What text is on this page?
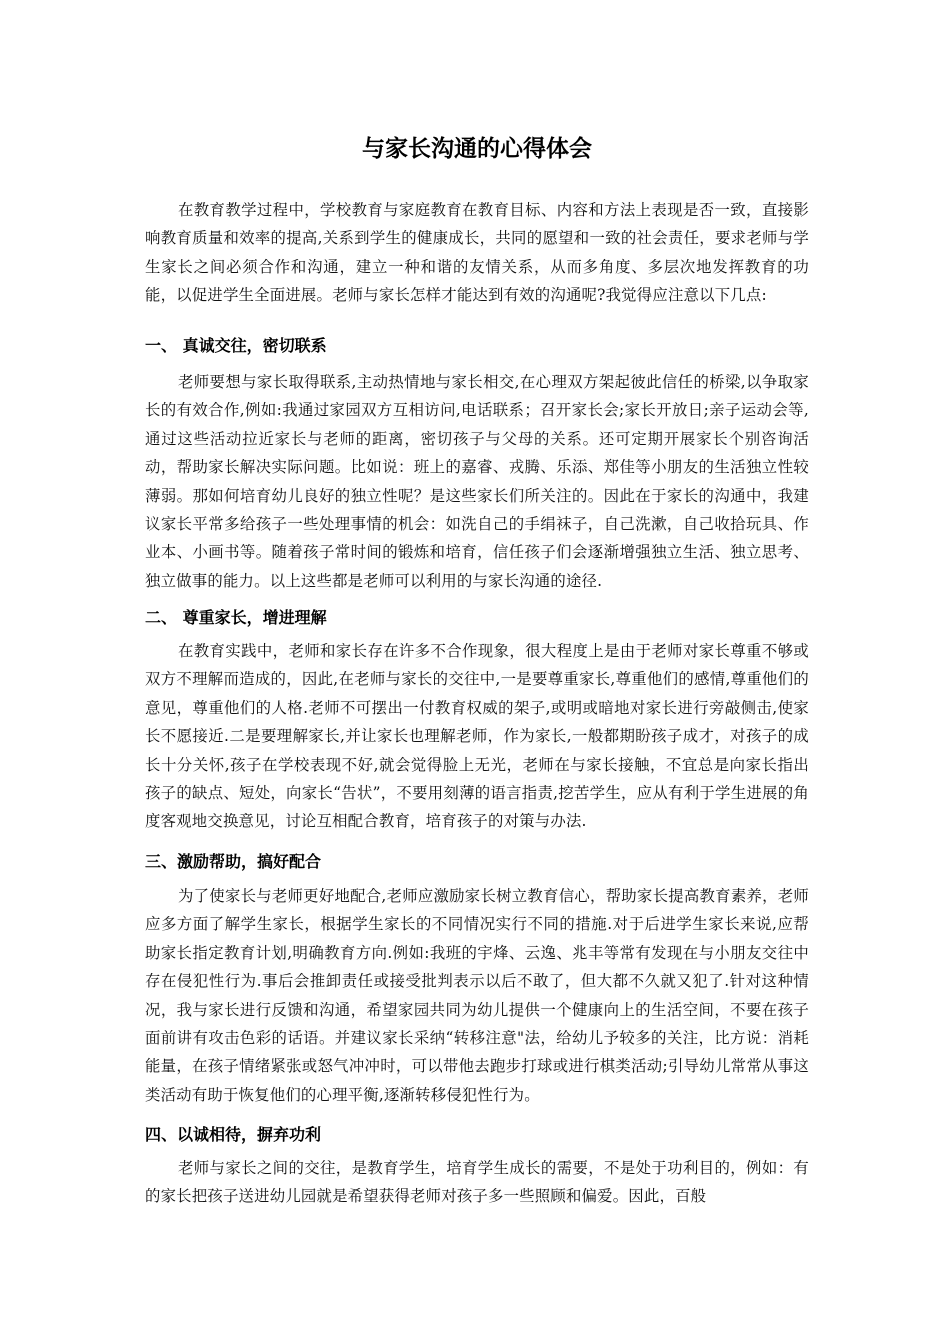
与家长沟通的心得体会

在教育教学过程中，学校教育与家庭教育在教育目标、内容和方法上表现是否一致，直接影响教育质量和效率的提高,关系到学生的健康成长，共同的愿望和一致的社会责任，要求老师与学生家长之间必须合作和沟通，建立一种和谐的友情关系，从而多角度、多层次地发挥教育的功能，以促进学生全面进展。老师与家长怎样才能达到有效的沟通呢?我觉得应注意以下几点:

一、 真诚交往，密切联系

老师要想与家长取得联系,主动热情地与家长相交,在心理双方架起彼此信任的桥梁,以争取家长的有效合作,例如:我通过家园双方互相访问,电话联系；召开家长会;家长开放日;亲子运动会等,通过这些活动拉近家长与老师的距离，密切孩子与父母的关系。还可定期开展家长个别咨询活动，帮助家长解决实际问题。比如说：班上的嘉睿、戎腾、乐添、郑佳等小朋友的生活独立性较薄弱。那如何培育幼儿良好的独立性呢？是这些家长们所关注的。因此在于家长的沟通中，我建议家长平常多给孩子一些处理事情的机会：如洗自己的手绢袜子，自己洗漱，自己收拾玩具、作业本、小画书等。随着孩子常时间的锻炼和培育，信任孩子们会逐渐增强独立生活、独立思考、独立做事的能力。以上这些都是老师可以利用的与家长沟通的途径.

二、 尊重家长，增进理解

在教育实践中，老师和家长存在许多不合作现象，很大程度上是由于老师对家长尊重不够或双方不理解而造成的，因此,在老师与家长的交往中,一是要尊重家长,尊重他们的感情,尊重他们的意见，尊重他们的人格.老师不可摆出一付教育权威的架子,或明或暗地对家长进行旁敲侧击,使家长不愿接近.二是要理解家长,并让家长也理解老师，作为家长,一般都期盼孩子成才，对孩子的成长十分关怀,孩子在学校表现不好,就会觉得脸上无光，老师在与家长接触，不宜总是向家长指出孩子的缺点、短处，向家长“告状”，不要用刻薄的语言指责,挖苦学生，应从有利于学生进展的角度客观地交换意见，讨论互相配合教育，培育孩子的对策与办法.

三、激励帮助，搞好配合

为了使家长与老师更好地配合,老师应激励家长树立教育信心，帮助家长提高教育素养，老师应多方面了解学生家长，根据学生家长的不同情况实行不同的措施.对于后进学生家长来说,应帮助家长指定教育计划,明确教育方向.例如:我班的宇烽、云逸、兆丰等常有发现在与小朋友交往中存在侵犯性行为.事后会推卸责任或接受批判表示以后不敢了，但大都不久就又犯了.针对这种情况，我与家长进行反馈和沟通，希望家园共同为幼儿提供一个健康向上的生活空间，不要在孩子面前讲有攻击色彩的话语。并建议家长采纳“转移注意"法，给幼儿予较多的关注，比方说：消耗能量，在孩子情绪紧张或怒气冲冲时，可以带他去跑步打球或进行棋类活动;引导幼儿常常从事这类活动有助于恢复他们的心理平衡,逐渐转移侵犯性行为。

四、以诚相待，摒弃功利

老师与家长之间的交往，是教育学生，培育学生成长的需要，不是处于功利目的，例如：有的家长把孩子送进幼儿园就是希望获得老师对孩子多一些照顾和偏爱。因此，百般
